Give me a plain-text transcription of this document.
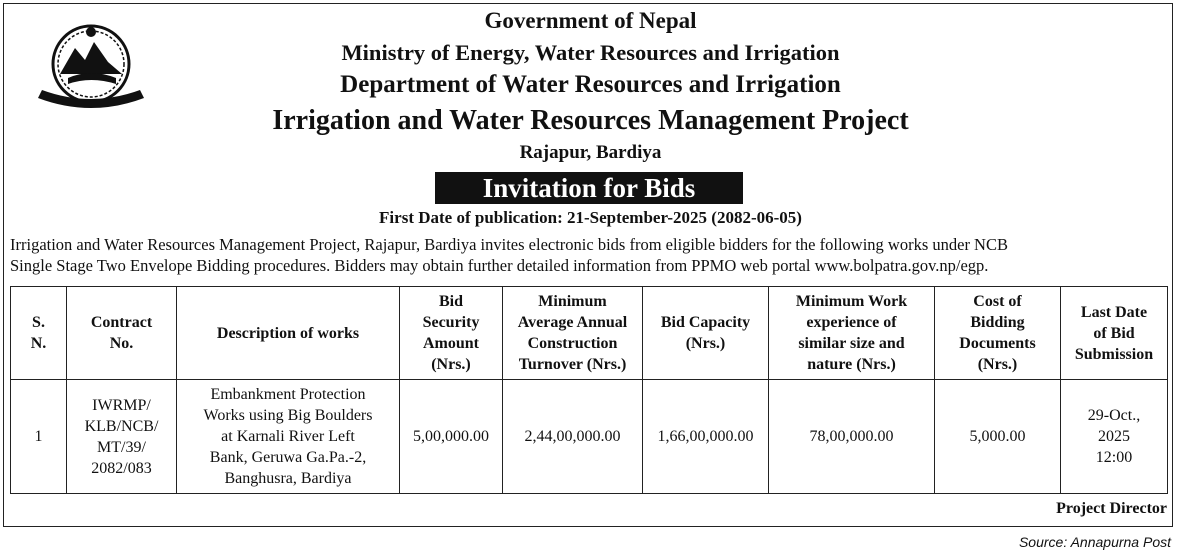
Government of Nepal
Ministry of Energy, Water Resources and Irrigation
Department of Water Resources and Irrigation
Irrigation and Water Resources Management Project
Rajapur, Bardiya
Invitation for Bids
First Date of publication: 21-September-2025 (2082-06-05)
Irrigation and Water Resources Management Project, Rajapur, Bardiya invites electronic bids from eligible bidders for the following works under NCB
Single Stage Two Envelope Bidding procedures. Bidders may obtain further detailed information from PPMO web portal www.bolpatra.gov.np/egp.
S.
N.	Contract
No.	Description of works	Bid
Security
Amount
(Nrs.)	Minimum
Average Annual
Construction
Turnover (Nrs.)	Bid Capacity
(Nrs.)	Minimum Work
experience of
similar size and
nature (Nrs.)	Cost of
Bidding
Documents
(Nrs.)	Last Date
of Bid
Submission
1	IWRMP/
KLB/NCB/
MT/39/
2082/083	Embankment Protection
Works using Big Boulders
at Karnali River Left
Bank, Geruwa Ga.Pa.-2,
Banghusra, Bardiya	5,00,000.00	2,44,00,000.00	1,66,00,000.00	78,00,000.00	5,000.00	29-Oct.,
2025
12:00
Project Director
Source: Annapurna Post
